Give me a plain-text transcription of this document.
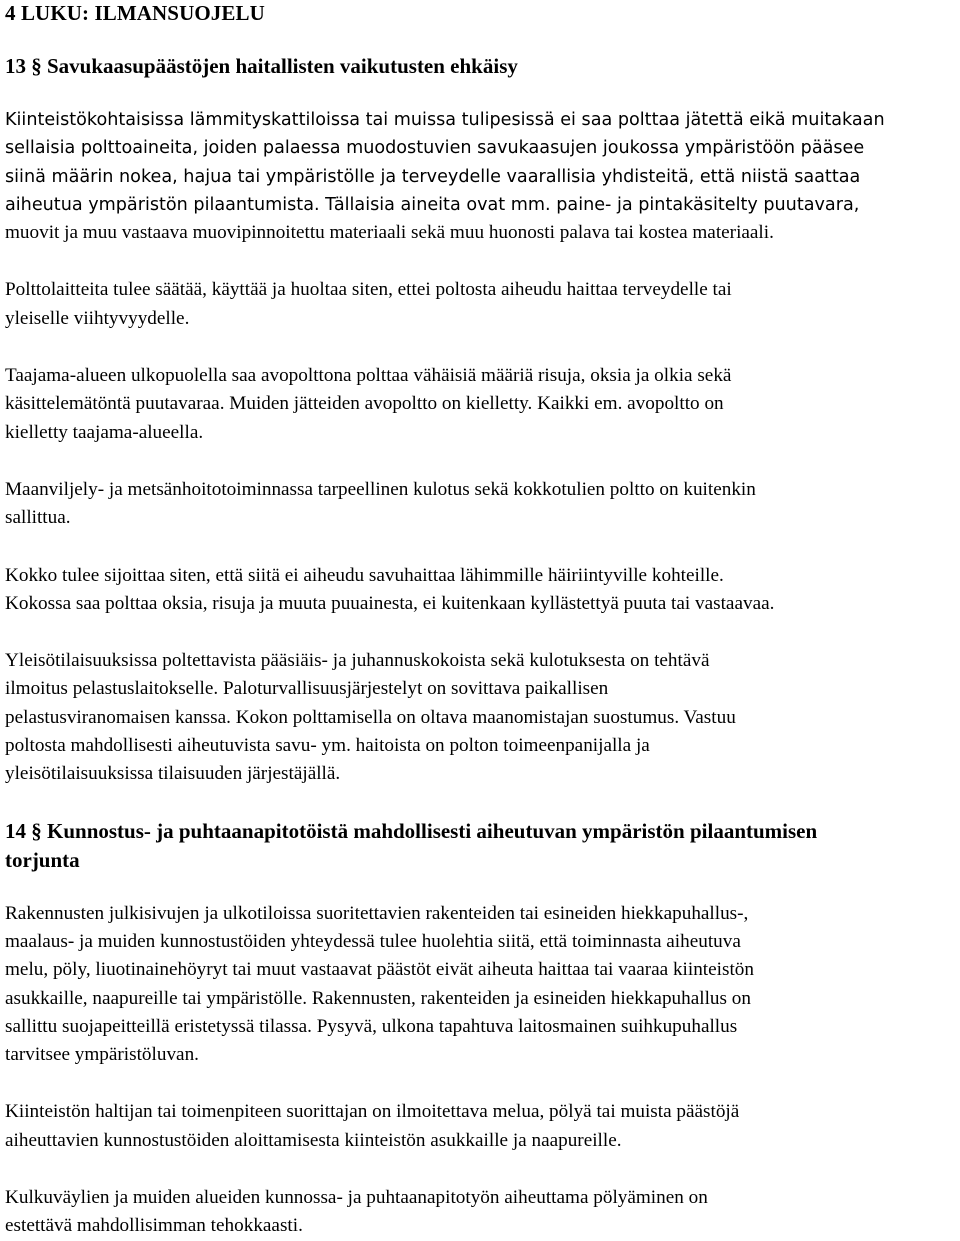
4 LUKU: ILMANSUOJELU
13 § Savukaasupäästöjen haitallisten vaikutusten ehkäisy

Kiinteistökohtaisissa lämmityskattiloissa tai muissa tulipesissä ei saa polttaa jätettä eikä muitakaan
sellaisia polttoaineita, joiden palaessa muodostuvien savukaasujen joukossa ympäristöön pääsee
siinä määrin nokea, hajua tai ympäristölle ja terveydelle vaarallisia yhdisteitä, että niistä saattaa
aiheutua ympäristön pilaantumista. Tällaisia aineita ovat mm. paine- ja pintakäsitelty puutavara,
muovit ja muu vastaava muovipinnoitettu materiaali sekä muu huonosti palava tai kostea materiaali.

Polttolaitteita tulee säätää, käyttää ja huoltaa siten, ettei poltosta aiheudu haittaa terveydelle tai
yleiselle viihtyvyydelle.

Taajama-alueen ulkopuolella saa avopolttona polttaa vähäisiä määriä risuja, oksia ja olkia sekä
käsittelemätöntä puutavaraa. Muiden jätteiden avopoltto on kielletty. Kaikki em. avopoltto on
kielletty taajama-alueella.

Maanviljely- ja metsänhoitotoiminnassa tarpeellinen kulotus sekä kokkotulien poltto on kuitenkin
sallittua.

Kokko tulee sijoittaa siten, että siitä ei aiheudu savuhaittaa lähimmille häiriintyville kohteille.
Kokossa saa polttaa oksia, risuja ja muuta puuainesta, ei kuitenkaan kyllästettyä puuta tai vastaavaa.

Yleisötilaisuuksissa poltettavista pääsiäis- ja juhannuskokoista sekä kulotuksesta on tehtävä
ilmoitus pelastuslaitokselle. Paloturvallisuusjärjestelyt on sovittava paikallisen
pelastusviranomaisen kanssa. Kokon polttamisella on oltava maanomistajan suostumus. Vastuu
poltosta mahdollisesti aiheutuvista savu- ym. haitoista on polton toimeenpanijalla ja
yleisötilaisuuksissa tilaisuuden järjestäjällä.

14 § Kunnostus- ja puhtaanapitotöistä mahdollisesti aiheutuvan ympäristön pilaantumisen
torjunta

Rakennusten julkisivujen ja ulkotiloissa suoritettavien rakenteiden tai esineiden hiekkapuhallus-,
maalaus- ja muiden kunnostustöiden yhteydessä tulee huolehtia siitä, että toiminnasta aiheutuva
melu, pöly, liuotinainehöyryt tai muut vastaavat päästöt eivät aiheuta haittaa tai vaaraa kiinteistön
asukkaille, naapureille tai ympäristölle. Rakennusten, rakenteiden ja esineiden hiekkapuhallus on
sallittu suojapeitteillä eristetyssä tilassa. Pysyvä, ulkona tapahtuva laitosmainen suihkupuhallus
tarvitsee ympäristöluvan.

Kiinteistön haltijan tai toimenpiteen suorittajan on ilmoitettava melua, pölyä tai muista päästöjä
aiheuttavien kunnostustöiden aloittamisesta kiinteistön asukkaille ja naapureille.

Kulkuväylien ja muiden alueiden kunnossa- ja puhtaanapitotyön aiheuttama pölyäminen on
estettävä mahdollisimman tehokkaasti.
